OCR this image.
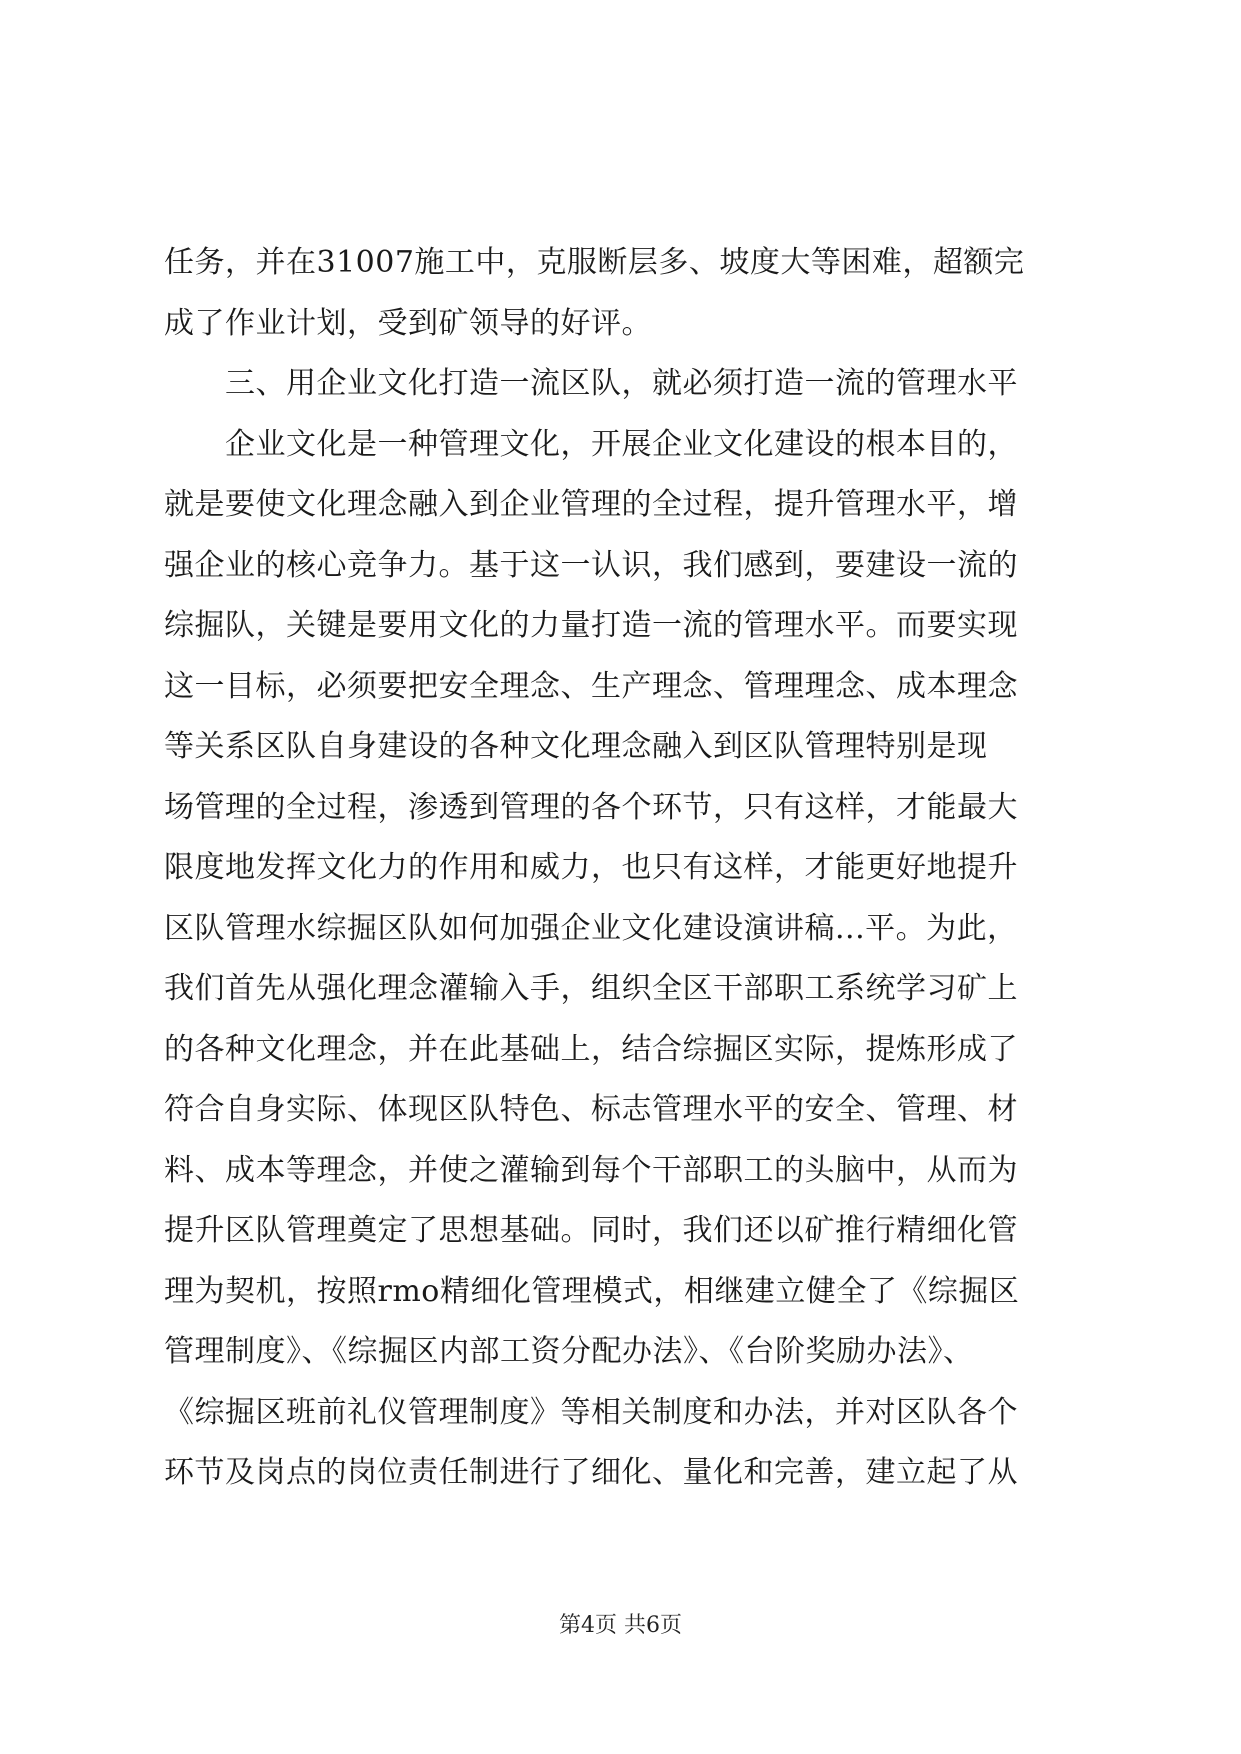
任务，并在31007施工中，克服断层多、坡度大等困难，超额完
成了作业计划，受到矿领导的好评。
　　三、用企业文化打造一流区队，就必须打造一流的管理水平
　　企业文化是一种管理文化，开展企业文化建设的根本目的，
就是要使文化理念融入到企业管理的全过程，提升管理水平，增
强企业的核心竞争力。基于这一认识，我们感到，要建设一流的
综掘队，关键是要用文化的力量打造一流的管理水平。而要实现
这一目标，必须要把安全理念、生产理念、管理理念、成本理念
等关系区队自身建设的各种文化理念融入到区队管理特别是现
场管理的全过程，渗透到管理的各个环节，只有这样，才能最大
限度地发挥文化力的作用和威力，也只有这样，才能更好地提升
区队管理水综掘区队如何加强企业文化建设演讲稿...平。为此，
我们首先从强化理念灌输入手，组织全区干部职工系统学习矿上
的各种文化理念，并在此基础上，结合综掘区实际，提炼形成了
符合自身实际、体现区队特色、标志管理水平的安全、管理、材
料、成本等理念，并使之灌输到每个干部职工的头脑中，从而为
提升区队管理奠定了思想基础。同时，我们还以矿推行精细化管
理为契机，按照rmo精细化管理模式，相继建立健全了《综掘区
管理制度》、《综掘区内部工资分配办法》、《台阶奖励办法》、
《综掘区班前礼仪管理制度》等相关制度和办法，并对区队各个
环节及岗点的岗位责任制进行了细化、量化和完善，建立起了从
第4页 共6页
